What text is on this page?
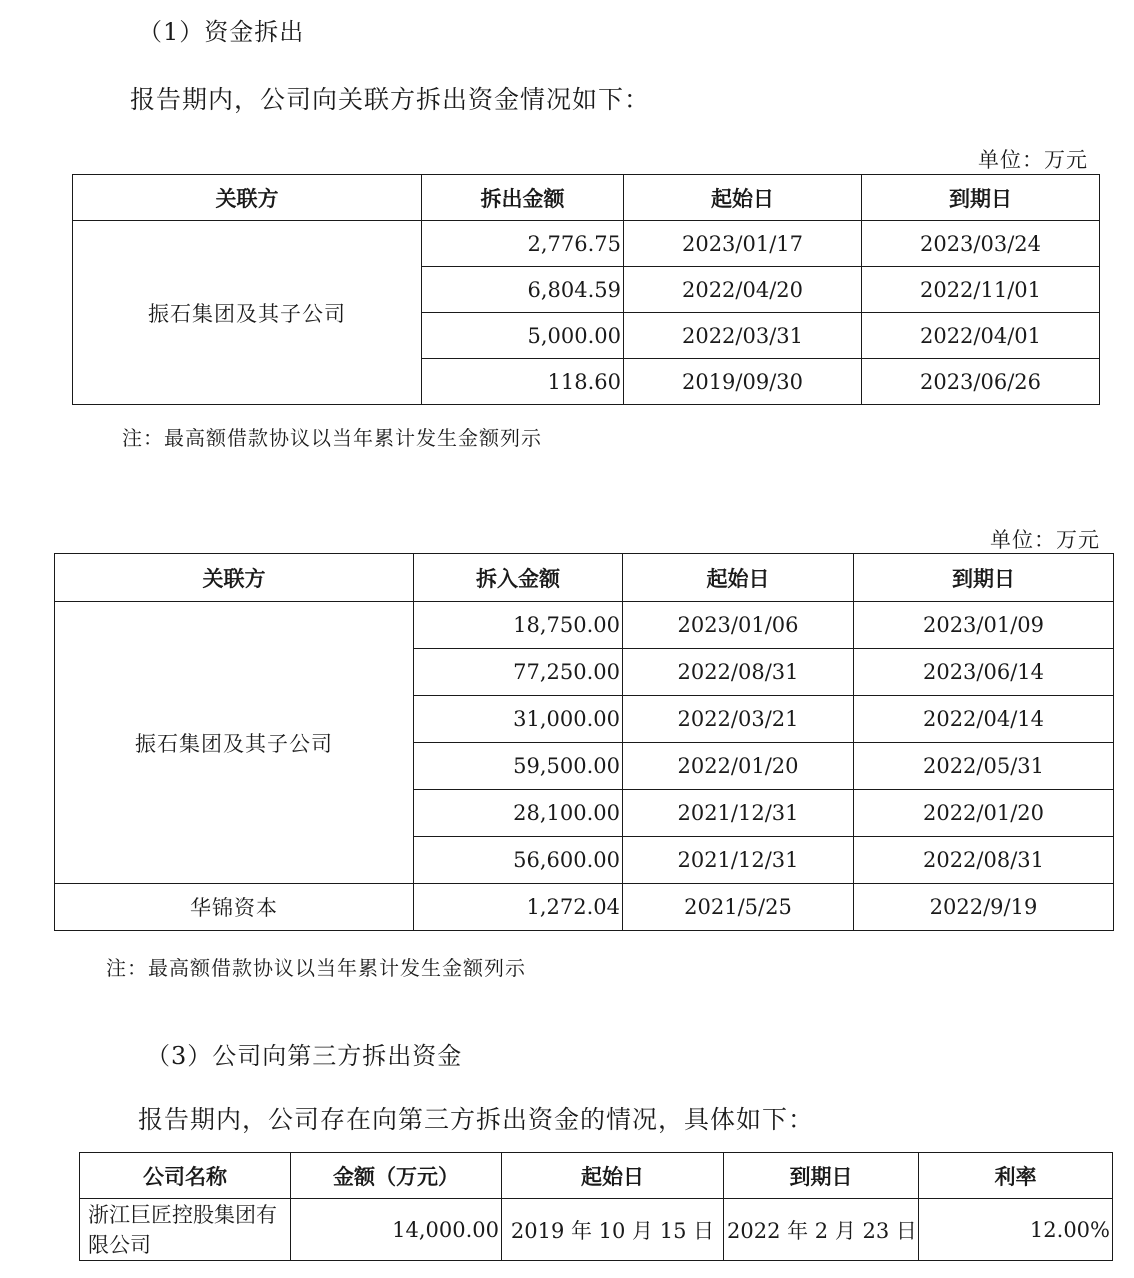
（1）资金拆出
报告期内，公司向关联方拆出资金情况如下：
单位：万元
关联方	拆出金额	起始日	到期日
振石集团及其子公司	2,776.75	2023/01/17	2023/03/24
	6,804.59	2022/04/20	2022/11/01
	5,000.00	2022/03/31	2022/04/01
	118.60	2019/09/30	2023/06/26
注：最高额借款协议以当年累计发生金额列示
单位：万元
关联方	拆入金额	起始日	到期日
振石集团及其子公司	18,750.00	2023/01/06	2023/01/09
	77,250.00	2022/08/31	2023/06/14
	31,000.00	2022/03/21	2022/04/14
	59,500.00	2022/01/20	2022/05/31
	28,100.00	2021/12/31	2022/01/20
	56,600.00	2021/12/31	2022/08/31
华锦资本	1,272.04	2021/5/25	2022/9/19
注：最高额借款协议以当年累计发生金额列示
（3）公司向第三方拆出资金
报告期内，公司存在向第三方拆出资金的情况，具体如下：
公司名称	金额（万元）	起始日	到期日	利率
浙江巨匠控股集团有限公司	14,000.00	2019 年 10 月 15 日	2022 年 2 月 23 日	12.00%
